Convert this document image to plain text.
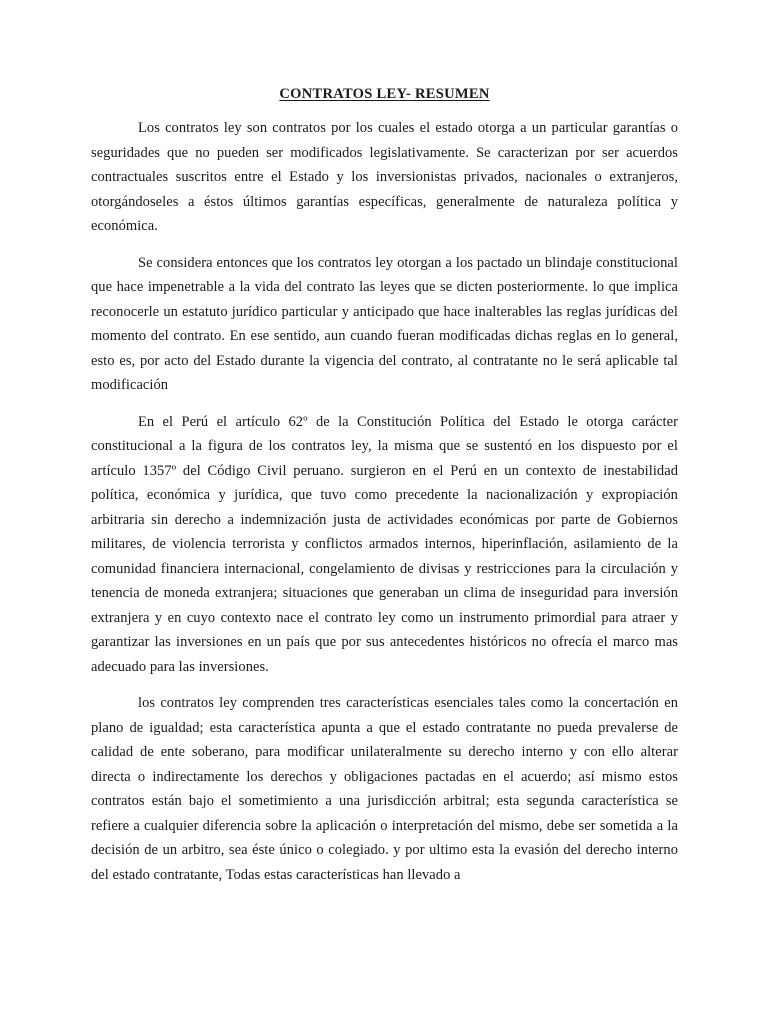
CONTRATOS LEY- RESUMEN

Los contratos ley son contratos por los cuales el estado otorga a un particular garantías o seguridades que no pueden ser modificados legislativamente. Se caracterizan por ser acuerdos contractuales suscritos entre el Estado y los inversionistas privados, nacionales o extranjeros, otorgándoseles a éstos últimos garantías específicas, generalmente de naturaleza política y económica.

Se considera entonces que los contratos ley otorgan a los pactado un blindaje constitucional que hace impenetrable a la vida del contrato las leyes que se dicten posteriormente. lo que implica reconocerle un estatuto jurídico particular y anticipado que hace inalterables las reglas jurídicas del momento del contrato. En ese sentido, aun cuando fueran modificadas dichas reglas en lo general, esto es, por acto del Estado durante la vigencia del contrato, al contratante no le será aplicable tal modificación

En el Perú el artículo 62º de la Constitución Política del Estado le otorga carácter constitucional a la figura de los contratos ley, la misma que se sustentó en los dispuesto por el artículo 1357º del Código Civil peruano. surgieron en el Perú en un contexto de inestabilidad política, económica y jurídica, que tuvo como precedente la nacionalización y expropiación arbitraria sin derecho a indemnización justa de actividades económicas por parte de Gobiernos militares, de violencia terrorista y conflictos armados internos, hiperinflación, asilamiento de la comunidad financiera internacional, congelamiento de divisas y restricciones para la circulación y tenencia de moneda extranjera; situaciones que generaban un clima de inseguridad para inversión extranjera y en cuyo contexto nace el contrato ley como un instrumento primordial para atraer y garantizar las inversiones en un país que por sus antecedentes históricos no ofrecía el marco mas adecuado para las inversiones.

los contratos ley comprenden tres características esenciales tales como la concertación en plano de igualdad; esta característica apunta a que el estado contratante no pueda prevalerse de calidad de ente soberano, para modificar unilateralmente su derecho interno y con ello alterar directa o indirectamente los derechos y obligaciones pactadas en el acuerdo; así mismo estos contratos están bajo el sometimiento a una jurisdicción arbitral; esta segunda característica se refiere a cualquier diferencia sobre la aplicación o interpretación del mismo, debe ser sometida a la decisión de un arbitro, sea éste único o colegiado. y por ultimo esta la evasión del derecho interno del estado contratante, Todas estas características han llevado a
